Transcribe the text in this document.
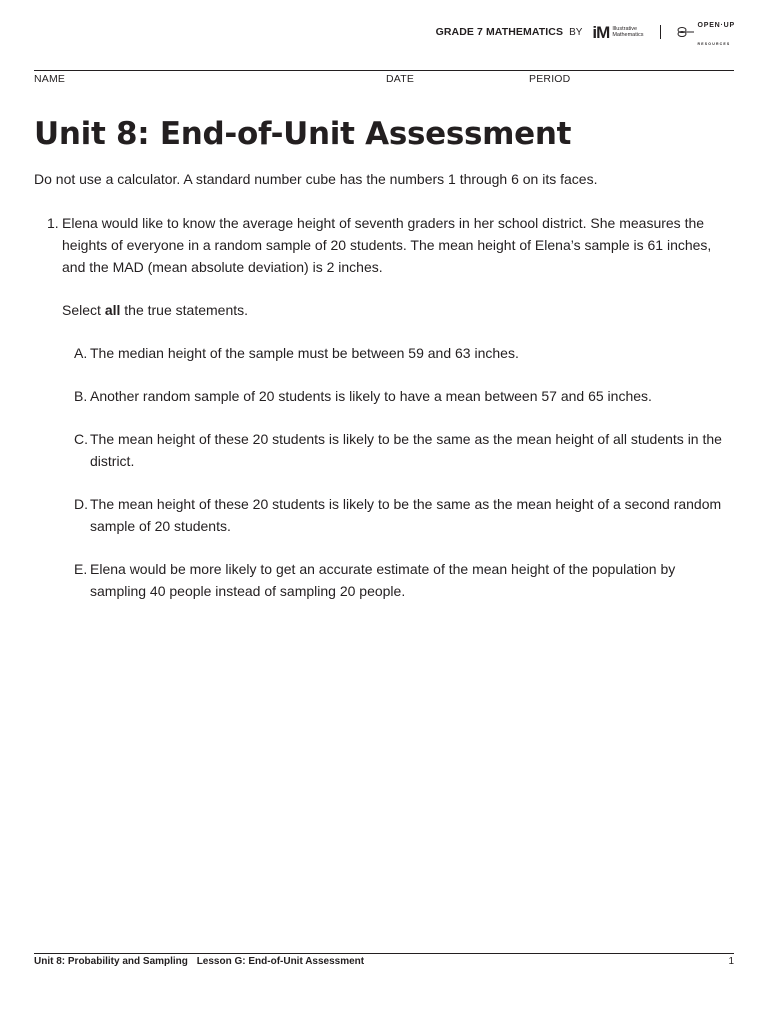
GRADE 7 MATHEMATICS BY iM Illustrative
Mathematics
OPEN·UP
RESOURCES
NAME	DATE	PERIOD
Unit 8: End-of-Unit Assessment
Do not use a calculator. A standard number cube has the numbers 1 through 6 on its faces.
1. Elena would like to know the average height of seventh graders in her school district. She measures the heights of everyone in a random sample of 20 students. The mean height of Elena’s sample is 61 inches, and the MAD (mean absolute deviation) is 2 inches.
Select all the true statements.
A. The median height of the sample must be between 59 and 63 inches.
B. Another random sample of 20 students is likely to have a mean between 57 and 65 inches.
C. The mean height of these 20 students is likely to be the same as the mean height of all students in the district.
D. The mean height of these 20 students is likely to be the same as the mean height of a second random sample of 20 students.
E. Elena would be more likely to get an accurate estimate of the mean height of the population by sampling 40 people instead of sampling 20 people.
Unit 8: Probability and Sampling Lesson G: End-of-Unit Assessment	1
